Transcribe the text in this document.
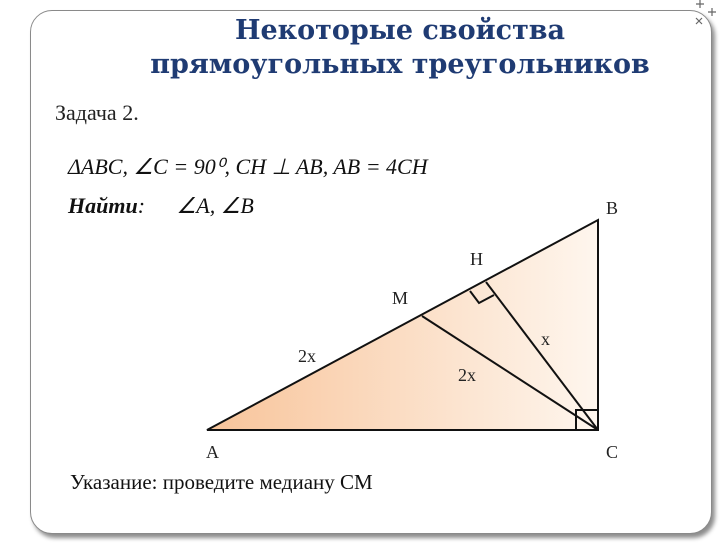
Некоторые свойства
прямоугольных треугольников
Задача 2.
ΔABC, ∠C = 90⁰, CH ⊥ AB, AB = 4CH
Найти: ∠A, ∠B
A
B
C
H
M
2x
2x
x
Указание: проведите медиану СМ
